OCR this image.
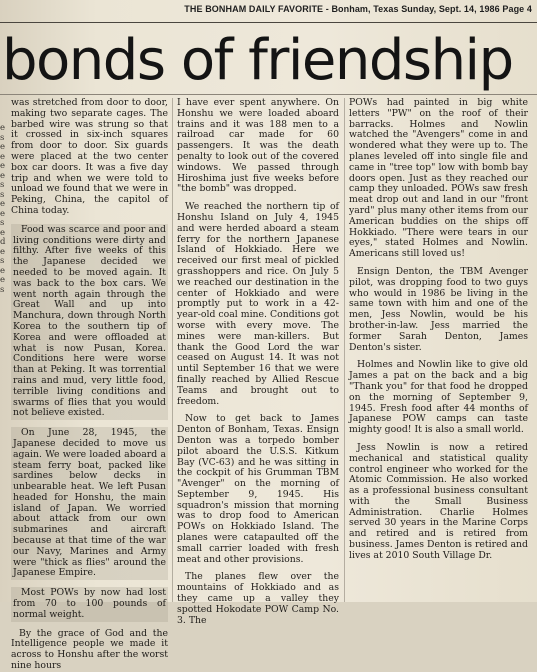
THE BONHAM DAILY FAVORITE - Bonham, Texas Sunday, Sept. 14, 1986 Page 4
bonds of friendship
e
s
e
e
e
e
s
s
e
e
s
e
d
e
s
e
e
s

was stretched from door to door, making two separate cages. The barbed wire was strung so that it crossed in six-inch squares from door to door. Six guards were placed at the two center box car doors. It was a five day trip and when we were told to unload we found that we were in Peking, China, the capitol of China today.

Food was scarce and poor and living conditions were dirty and filthy. After five weeks of this the Japanese decided we needed to be moved again. It was back to the box cars. We went north again through the Great Wall and up into Manchura, down through North Korea to the southern tip of Korea and were offloaded at what is now Pusan, Korea. Conditions here were worse than at Peking. It was torrential rains and mud, very little food, terrible living conditions and swarms of flies that you would not believe existed.

On June 28, 1945, the Japanese decided to move us again. We were loaded aboard a steam ferry boat, packed like sardines below decks in unbearable heat. We left Pusan headed for Honshu, the main island of Japan. We worried about attack from our own submarines and aircraft because at that time of the war our Navy, Marines and Army were "thick as flies" around the Japanese Empire.

Most POWs by now had lost from 70 to 100 pounds of normal weight.

By the grace of God and the Intelligence people we made it across to Honshu after the worst nine hours

I have ever spent anywhere. On Honshu we were loaded aboard trains and it was 188 men to a railroad car made for 60 passengers. It was the death penalty to look out of the covered windows. We passed through Hiroshima just five weeks before "the bomb" was dropped.

We reached the northern tip of Honshu Island on July 4, 1945 and were herded aboard a steam ferry for the northern Japanese Island of Hokkiado. Here we received our first meal of pickled grasshoppers and rice. On July 5 we reached our destination in the center of Hokkiado and were promptly put to work in a 42-year-old coal mine. Conditions got worse with every move. The mines were man-killers. But thank the Good Lord the war ceased on August 14. It was not until September 16 that we were finally reached by Allied Rescue Teams and brought out to freedom.

Now to get back to James Denton of Bonham, Texas. Ensign Denton was a torpedo bomber pilot aboard the U.S.S. Kitkum Bay (VC-63) and he was sitting in the cockpit of his Grumman TBM "Avenger" on the morning of September 9, 1945. His squadron's mission that morning was to drop food to American POWs on Hokkiado Island. The planes were catapaulted off the small carrier loaded with fresh meat and other provisions.

The planes flew over the mountains of Hokkiado and as they came up a valley they spotted Hokodate POW Camp No. 3. The

POWs had painted in big white letters "PW" on the roof of their barracks. Holmes and Nowlin watched the "Avengers" come in and wondered what they were up to. The planes leveled off into single file and came in "tree top" low with bomb bay doors open. Just as they reached our camp they unloaded. POWs saw fresh meat drop out and land in our "front yard" plus many other items from our American buddies on the ships off Hokkiado. "There were tears in our eyes," stated Holmes and Nowlin. Americans still loved us!

Ensign Denton, the TBM Avenger pilot, was dropping food to two guys who would in 1986 be living in the same town with him and one of the men, Jess Nowlin, would be his brother-in-law. Jess married the former Sarah Denton, James Denton's sister.

Holmes and Nowlin like to give old James a pat on the back and a big "Thank you" for that food he dropped on the morning of September 9, 1945. Fresh food after 44 months of Japanese POW camps can taste mighty good! It is also a small world.

Jess Nowlin is now a retired mechanical and statistical quality control engineer who worked for the Atomic Commission. He also worked as a professional business consultant with the Small Business Administration. Charlie Holmes served 30 years in the Marine Corps and retired and is retired from business. James Denton is retired and lives at 2010 South Village Dr.
